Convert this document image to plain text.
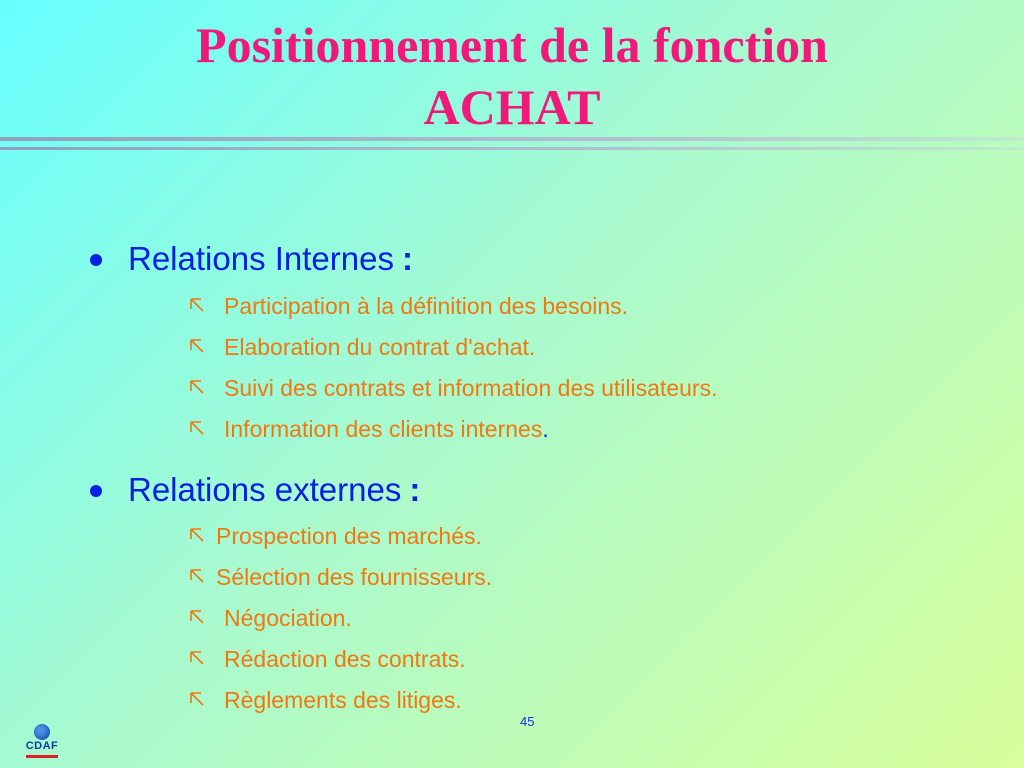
Positionnement de la fonction
ACHAT
Relations Internes :
Participation à la définition des besoins.
Elaboration du contrat d'achat.
Suivi des contrats et information des utilisateurs.
Information des clients internes.
Relations externes :
Prospection des marchés.
Sélection des fournisseurs.
Négociation.
Rédaction des contrats.
Règlements des litiges.
45
CDAF
